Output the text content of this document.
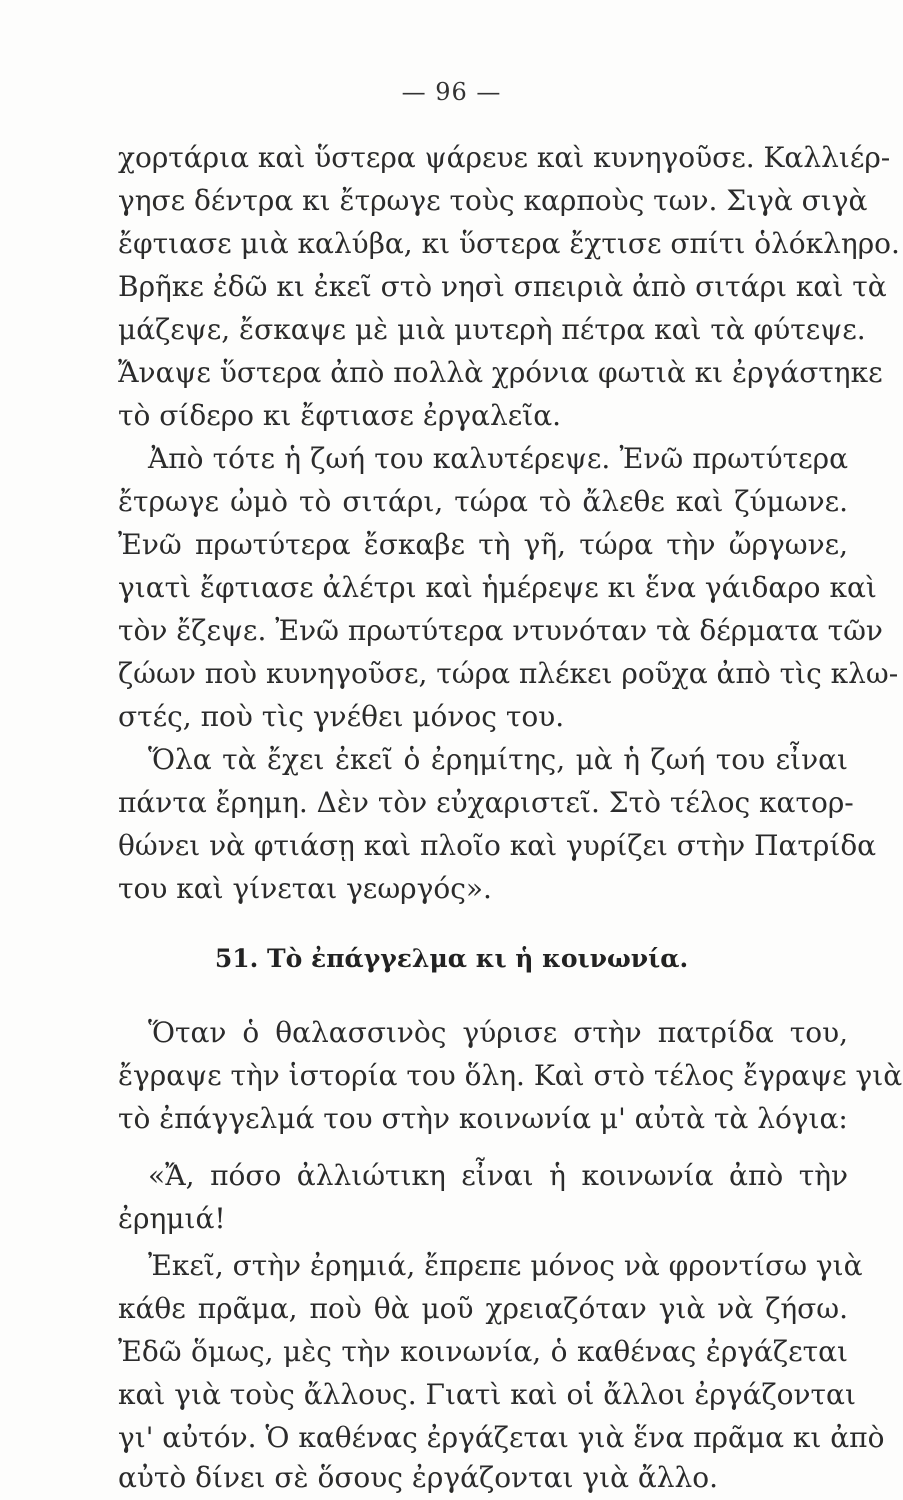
— 96 —
χορτάρια καὶ ὕστερα ψάρευε καὶ κυνηγοῦσε. Καλλιέρ-
γησε δέντρα κι ἔτρωγε τοὺς καρποὺς των. Σιγὰ σιγὰ
ἔφτιασε μιὰ καλύβα, κι ὕστερα ἔχτισε σπίτι ὁλόκληρο.
Βρῆκε ἐδῶ κι ἐκεῖ στὸ νησὶ σπειριὰ ἀπὸ σιτάρι καὶ τὰ
μάζεψε, ἔσκαψε μὲ μιὰ μυτερὴ πέτρα καὶ τὰ φύτεψε.
Ἄναψε ὕστερα ἀπὸ πολλὰ χρόνια φωτιὰ κι ἐργάστηκε
τὸ σίδερο κι ἔφτιασε ἐργαλεῖα.
Ἀπὸ τότε ἡ ζωή του καλυτέρεψε. Ἐνῶ πρωτύτερα
ἔτρωγε ὠμὸ τὸ σιτάρι, τώρα τὸ ἄλεθε καὶ ζύμωνε.
Ἐνῶ πρωτύτερα ἔσκαβε τὴ γῆ, τώρα τὴν ὤργωνε,
γιατὶ ἔφτιασε ἀλέτρι καὶ ἡμέρεψε κι ἕνα γάιδαρο καὶ
τὸν ἔζεψε. Ἐνῶ πρωτύτερα ντυνόταν τὰ δέρματα τῶν
ζώων ποὺ κυνηγοῦσε, τώρα πλέκει ροῦχα ἀπὸ τὶς κλω-
στές, ποὺ τὶς γνέθει μόνος του.
Ὅλα τὰ ἔχει ἐκεῖ ὁ ἐρημίτης, μὰ ἡ ζωή του εἶναι
πάντα ἔρημη. Δὲν τὸν εὐχαριστεῖ. Στὸ τέλος κατορ-
θώνει νὰ φτιάσῃ καὶ πλοῖο καὶ γυρίζει στὴν Πατρίδα
του καὶ γίνεται γεωργός».
51. Τὸ ἐπάγγελμα κι ἡ κοινωνία.
Ὅταν ὁ θαλασσινὸς γύρισε στὴν πατρίδα του,
ἔγραψε τὴν ἱστορία του ὅλη. Καὶ στὸ τέλος ἔγραψε γιὰ
τὸ ἐπάγγελμά του στὴν κοινωνία μ' αὐτὰ τὰ λόγια:
«Ἄ, πόσο ἀλλιώτικη εἶναι ἡ κοινωνία ἀπὸ τὴν
ἐρημιά!
Ἐκεῖ, στὴν ἐρημιά, ἔπρεπε μόνος νὰ φροντίσω γιὰ
κάθε πρᾶμα, ποὺ θὰ μοῦ χρειαζόταν γιὰ νὰ ζήσω.
Ἐδῶ ὅμως, μὲς τὴν κοινωνία, ὁ καθένας ἐργάζεται
καὶ γιὰ τοὺς ἄλλους. Γιατὶ καὶ οἱ ἄλλοι ἐργάζονται
γι' αὐτόν. Ὁ καθένας ἐργάζεται γιὰ ἕνα πρᾶμα κι ἀπὸ
αὐτὸ δίνει σὲ ὅσους ἐργάζονται γιὰ ἄλλο.
